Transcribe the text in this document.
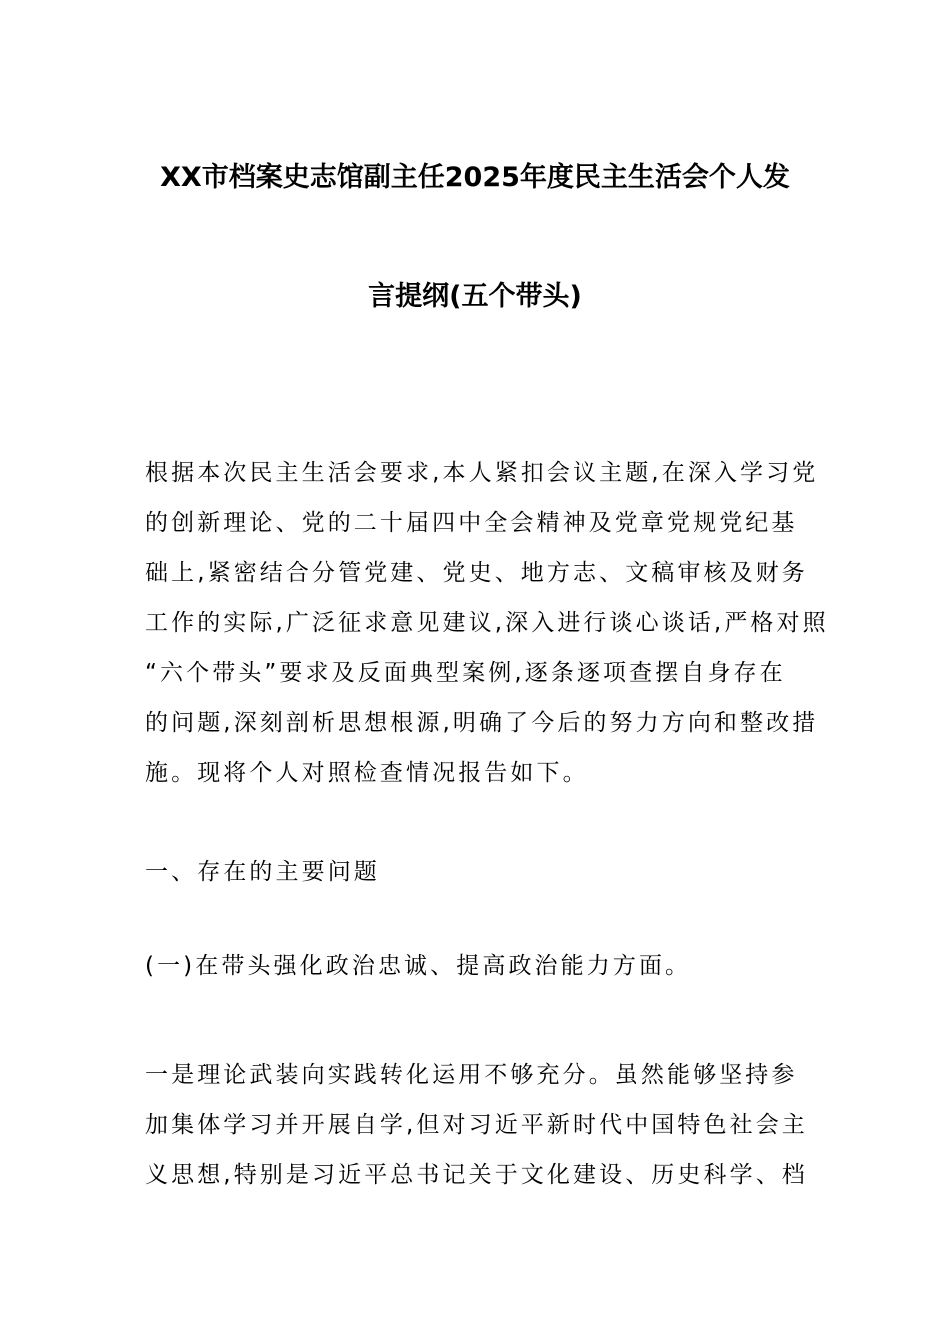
XX市档案史志馆副主任2025年度民主生活会个人发
言提纲(五个带头)
根据本次民主生活会要求,本人紧扣会议主题,在深入学习党
的创新理论、党的二十届四中全会精神及党章党规党纪基
础上,紧密结合分管党建、党史、地方志、文稿审核及财务
工作的实际,广泛征求意见建议,深入进行谈心谈话,严格对照
“六个带头”要求及反面典型案例,逐条逐项查摆自身存在
的问题,深刻剖析思想根源,明确了今后的努力方向和整改措
施。现将个人对照检查情况报告如下。
一、存在的主要问题
(一)在带头强化政治忠诚、提高政治能力方面。
一是理论武装向实践转化运用不够充分。虽然能够坚持参
加集体学习并开展自学,但对习近平新时代中国特色社会主
义思想,特别是习近平总书记关于文化建设、历史科学、档
